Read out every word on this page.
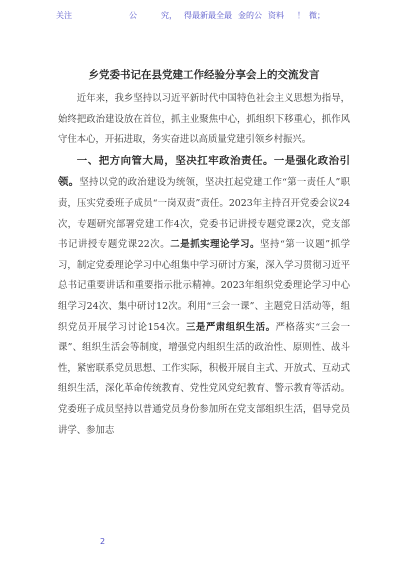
关注	公	究， 得最新最全最 金的公 资料 ！ 微；
乡党委书记在县党建工作经验分享会上的交流发言

近年来，我乡坚持以习近平新时代中国特色社会主义思想为指导，始终把政治建设放在首位，抓主业聚焦中心，抓组织下移重心，抓作风守住本心，开拓进取，务实奋进以高质量党建引领乡村振兴。

一、把方向管大局，坚决扛牢政治责任。一是强化政治引领。坚持以党的政治建设为统领，坚决扛起党建工作“第一责任人”职责，压实党委班子成员“一岗双责”责任。2023年主持召开党委会议24次，专题研究部署党建工作4次，党委书记讲授专题党课2次，党支部书记讲授专题党课22次。二是抓实理论学习。坚持“第一议题”抓学习，制定党委理论学习中心组集中学习研讨方案，深入学习贯彻习近平总书记重要讲话和重要指示批示精神。2023年组织党委理论学习中心组学习24次、集中研讨12次。利用“三会一课”、主题党日活动等，组织党员开展学习讨论154次。三是严肃组织生活。严格落实“三会一课”、组织生活会等制度，增强党内组织生活的政治性、原则性、战斗性，紧密联系党员思想、工作实际，积极开展自主式、开放式、互动式组织生活，深化革命传统教育、党性党风党纪教育、警示教育等活动。党委班子成员坚持以普通党员身份参加所在党支部组织生活，倡导党员讲学、参加志

2
